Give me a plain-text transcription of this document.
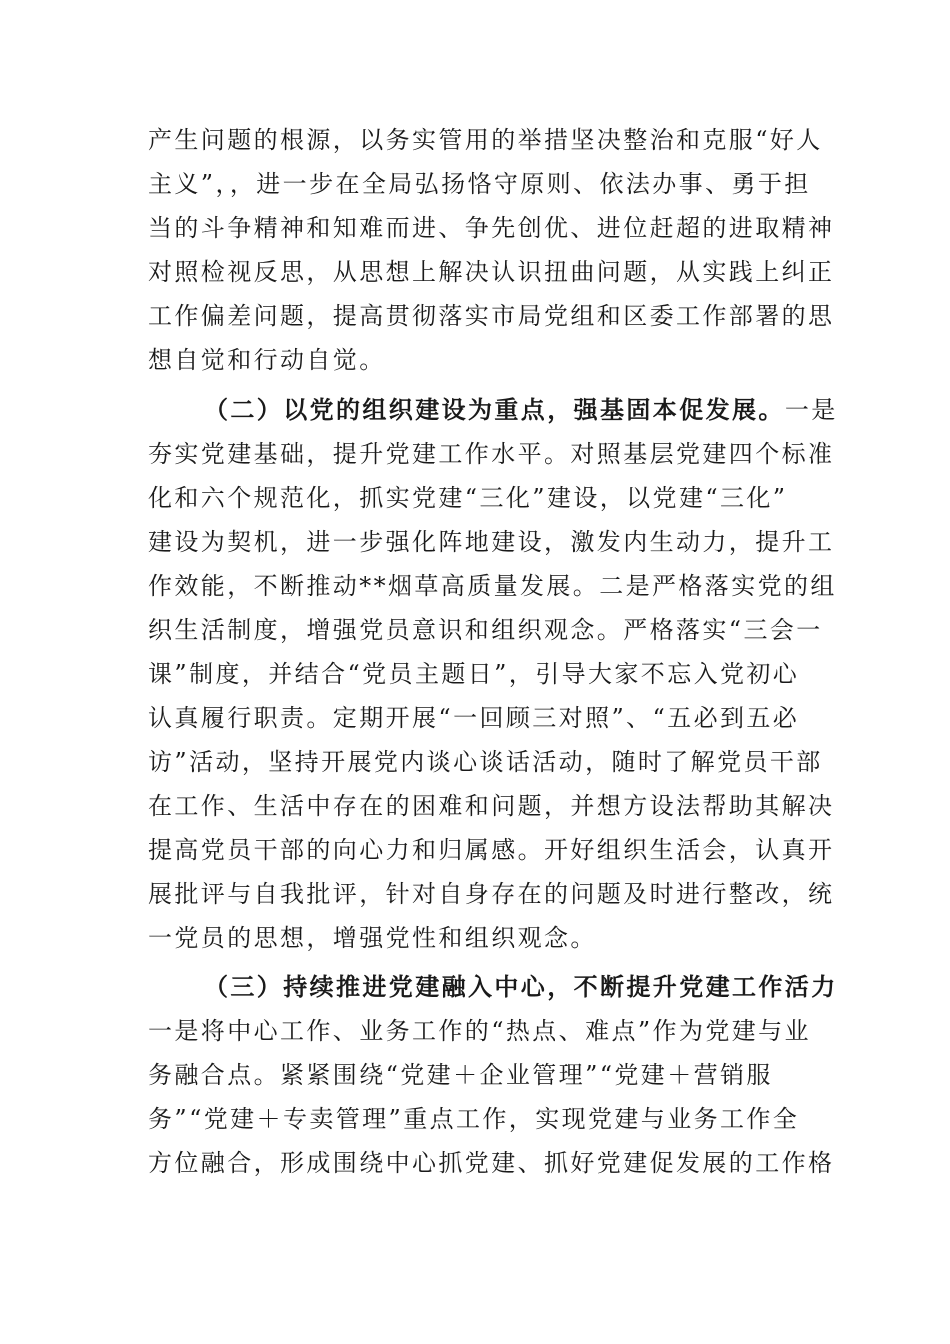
产生问题的根源，以务实管用的举措坚决整治和克服“好人
主义”，，进一步在全局弘扬恪守原则、依法办事、勇于担
当的斗争精神和知难而进、争先创优、进位赶超的进取精神
对照检视反思，从思想上解决认识扭曲问题，从实践上纠正
工作偏差问题，提高贯彻落实市局党组和区委工作部署的思
想自觉和行动自觉。
（二）以党的组织建设为重点，强基固本促发展。一是
夯实党建基础，提升党建工作水平。对照基层党建四个标准
化和六个规范化，抓实党建“三化”建设，以党建“三化”
建设为契机，进一步强化阵地建设，激发内生动力，提升工
作效能，不断推动**烟草高质量发展。二是严格落实党的组
织生活制度，增强党员意识和组织观念。严格落实“三会一
课”制度，并结合“党员主题日”，引导大家不忘入党初心
认真履行职责。定期开展“一回顾三对照”、“五必到五必
访”活动，坚持开展党内谈心谈话活动，随时了解党员干部
在工作、生活中存在的困难和问题，并想方设法帮助其解决
提高党员干部的向心力和归属感。开好组织生活会，认真开
展批评与自我批评，针对自身存在的问题及时进行整改，统
一党员的思想，增强党性和组织观念。
（三）持续推进党建融入中心，不断提升党建工作活力
一是将中心工作、业务工作的“热点、难点”作为党建与业
务融合点。紧紧围绕“党建＋企业管理”“党建＋营销服
务”“党建＋专卖管理”重点工作，实现党建与业务工作全
方位融合，形成围绕中心抓党建、抓好党建促发展的工作格
